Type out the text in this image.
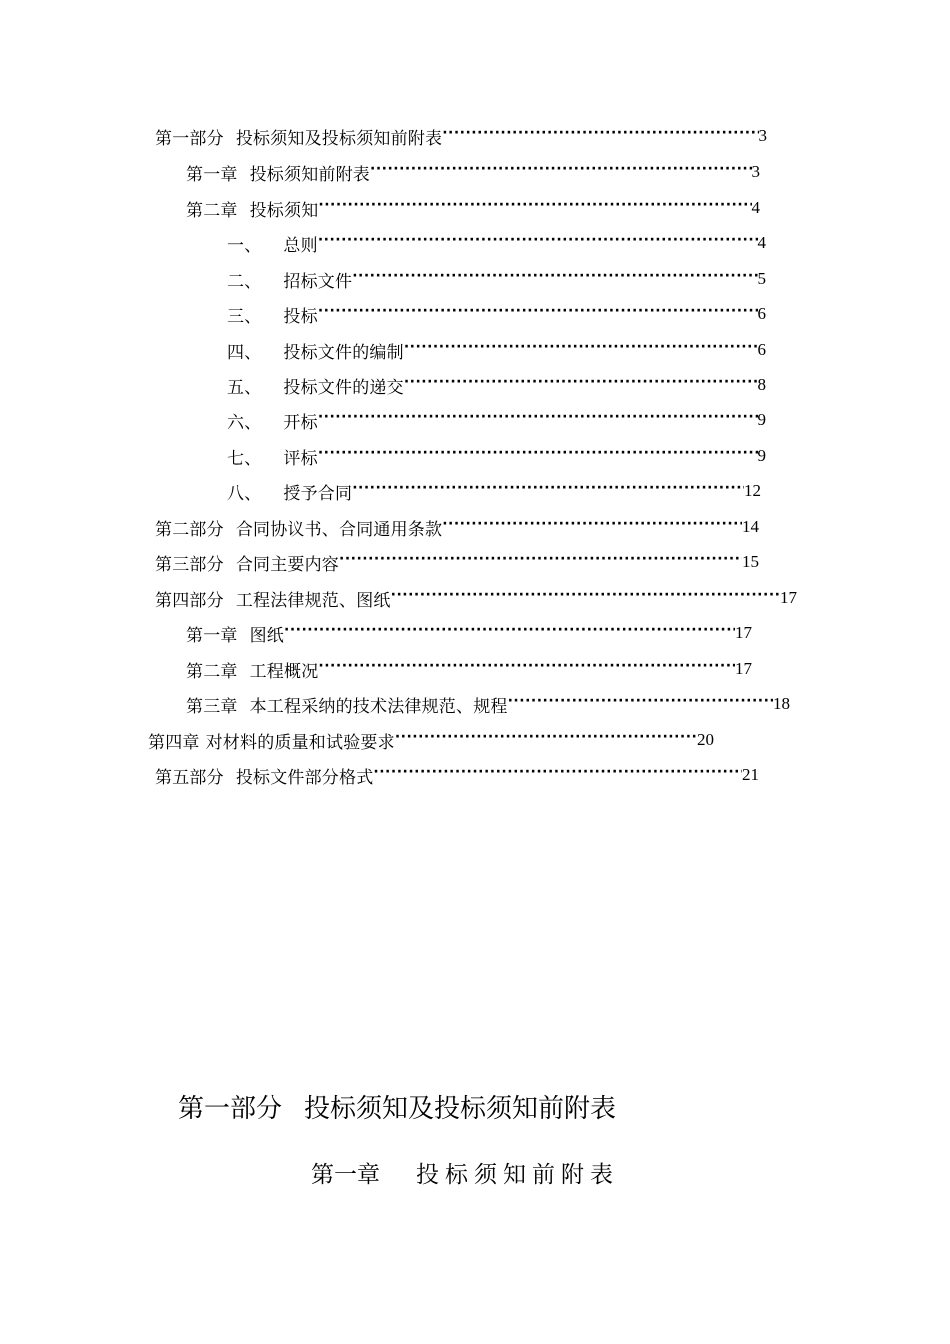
第一部分 投标须知及投标须知前附表 ·····	3
第一章 投标须知前附表 ·····	3
第二章 投标须知 ·····	4
一、 总则 ·····	4
二、 招标文件 ·····	5
三、 投标 ·····	6
四、 投标文件的编制 ·····	6
五、 投标文件的递交 ·····	8
六、 开标 ·····	9
七、 评标 ·····	9
八、 授予合同 ·····	12
第二部分 合同协议书、合同通用条款 ·····	14
第三部分 合同主要内容 ·····	15
第四部分 工程法律规范、图纸 ·····	17
第一章 图纸 ·····	17
第二章 工程概况 ·····	17
第三章 本工程采纳的技术法律规范、规程 ·····	18
第四章 对材料的质量和试验要求 ·····	20
第五部分 投标文件部分格式 ·····	21
第一部分 投标须知及投标须知前附表
第一章 投标须知前附表
